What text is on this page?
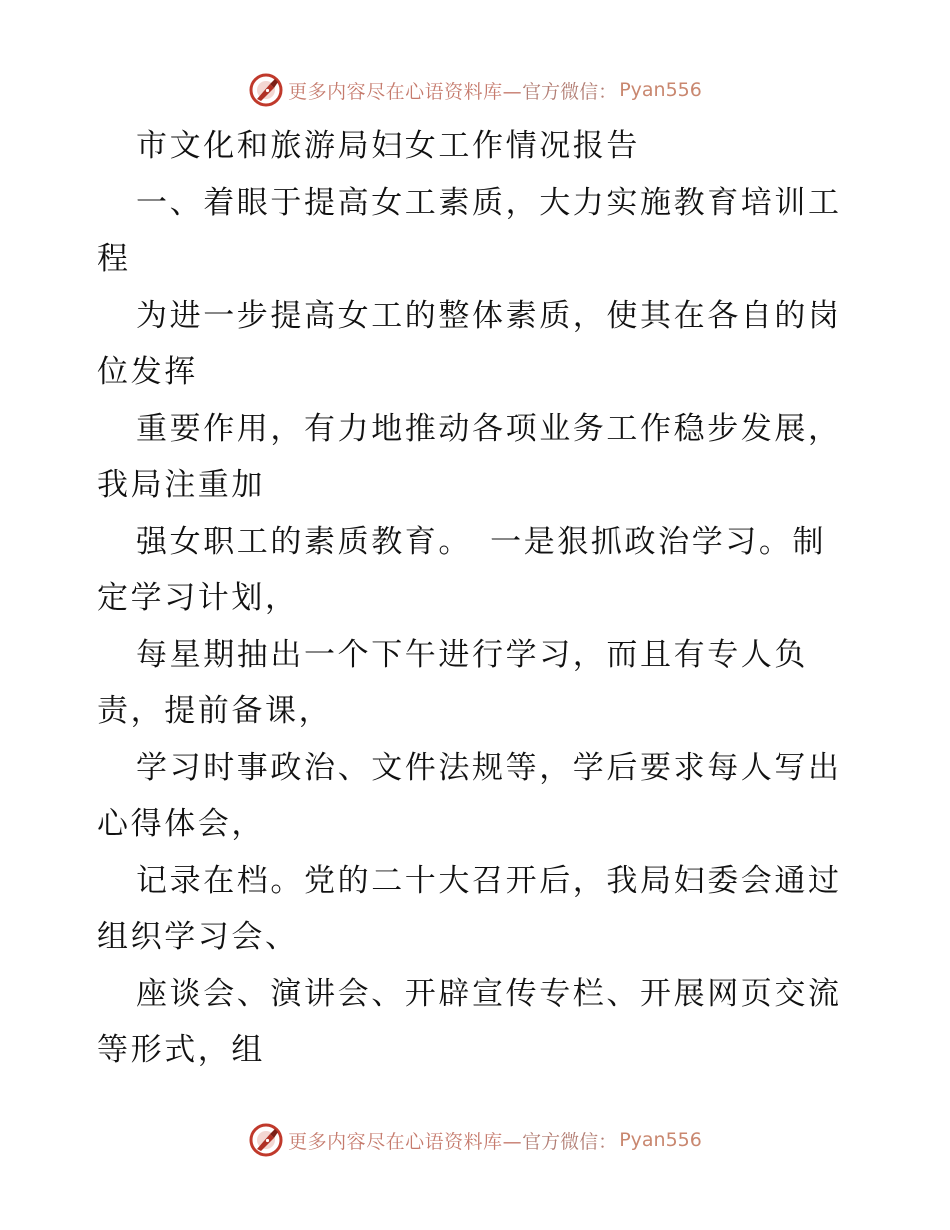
更多内容尽在心语资料库— 官方微信： Pyan556

市文化和旅游局妇女工作情况报告

一、着眼于提高女工素质，大力实施教育培训工程

为进一步提高女工的整体素质，使其在各自的岗位发挥

重要作用，有力地推动各项业务工作稳步发展，我局注重加

强女职工的素质教育。　一是狠抓政治学习。制定学习计划，

每星期抽出一个下午进行学习，而且有专人负责，提前备课，

学习时事政治、文件法规等，学后要求每人写出心得体会，

记录在档。党的二十大召开后，我局妇委会通过组织学习会、

座谈会、演讲会、开辟宣传专栏、开展网页交流等形式，组

更多内容尽在心语资料库— 官方微信： Pyan556
